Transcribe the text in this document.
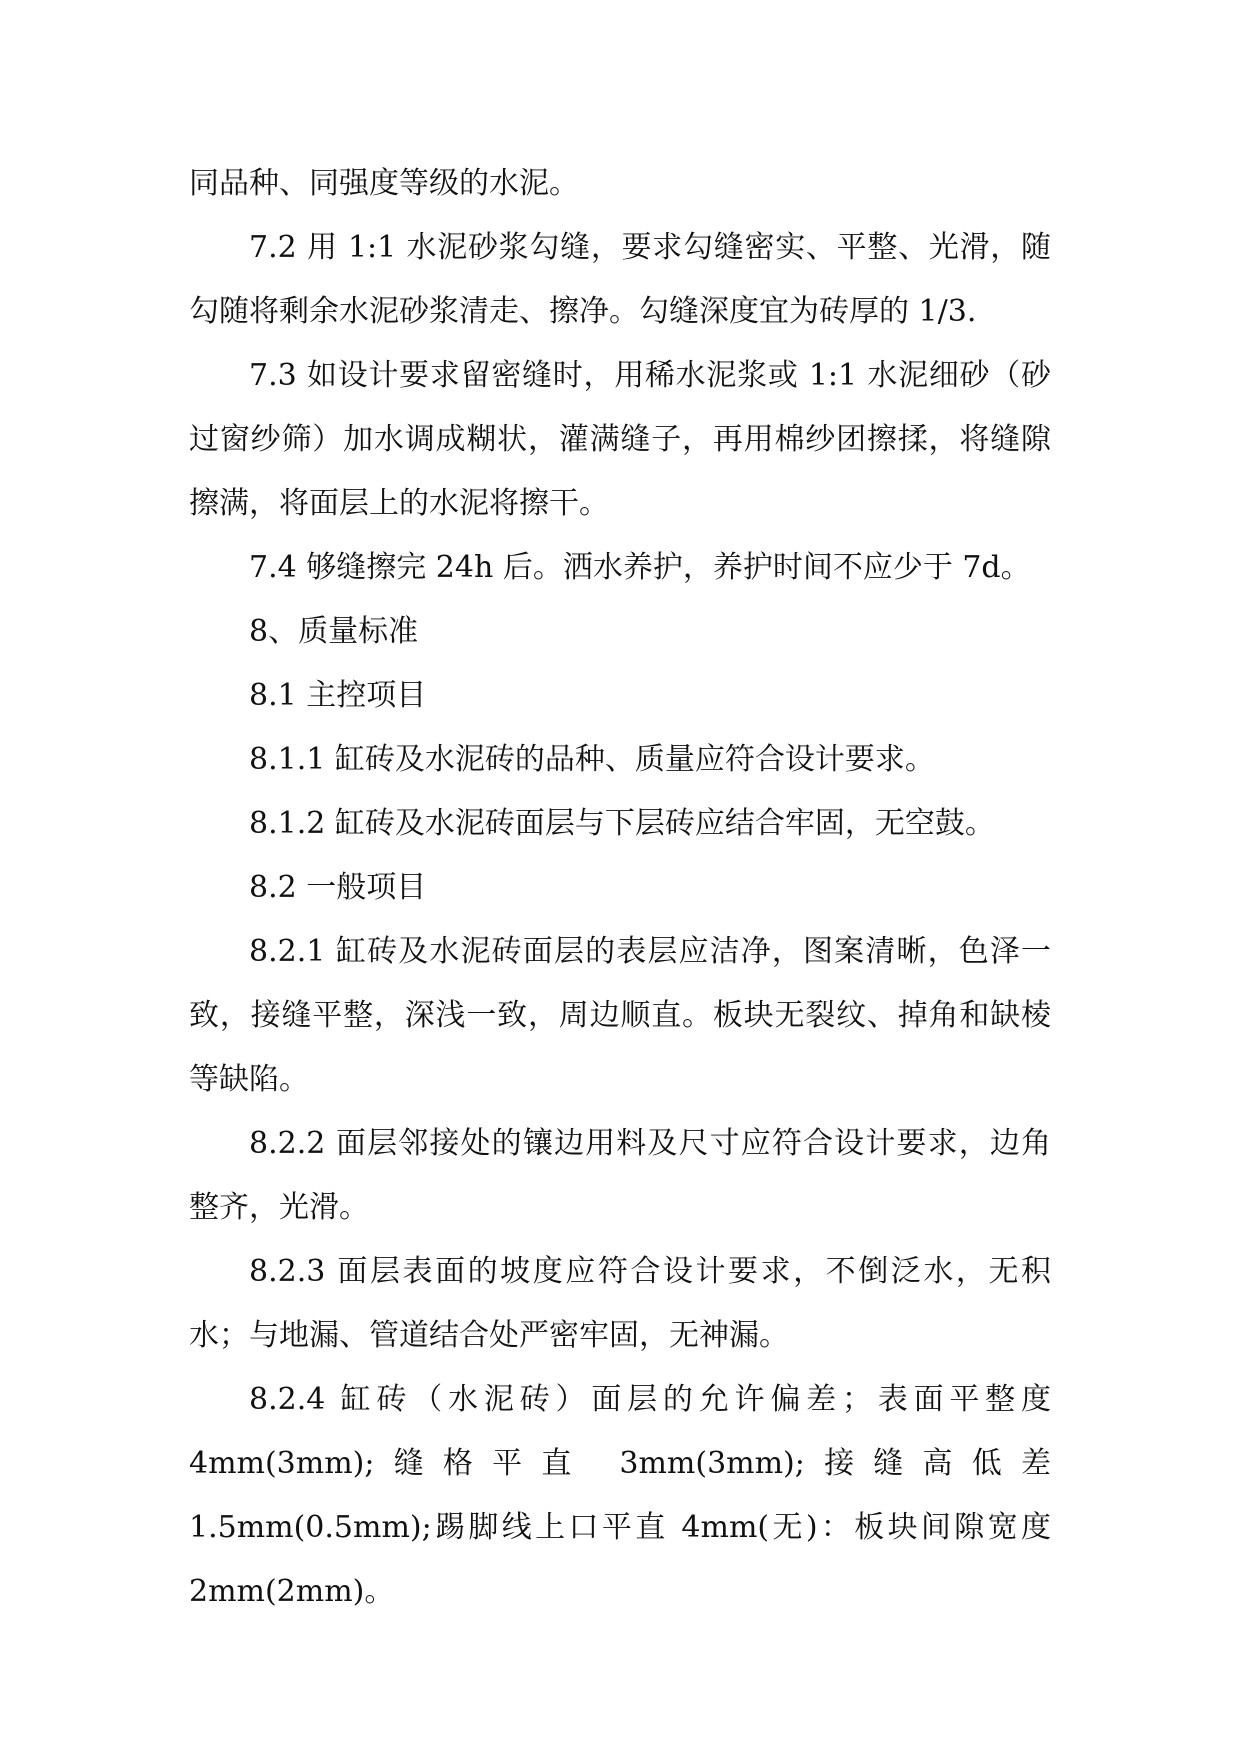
同品种、同强度等级的水泥。

7.2 用 1:1 水泥砂浆勾缝，要求勾缝密实、平整、光滑，随勾随将剩余水泥砂浆清走、擦净。勾缝深度宜为砖厚的 1/3.

7.3 如设计要求留密缝时，用稀水泥浆或 1:1 水泥细砂（砂过窗纱筛）加水调成糊状，灌满缝子，再用棉纱团擦揉，将缝隙擦满，将面层上的水泥将擦干。

7.4 够缝擦完 24h 后。洒水养护，养护时间不应少于 7d。

8、质量标准

8.1 主控项目

8.1.1 缸砖及水泥砖的品种、质量应符合设计要求。

8.1.2 缸砖及水泥砖面层与下层砖应结合牢固，无空鼓。

8.2 一般项目

8.2.1 缸砖及水泥砖面层的表层应洁净，图案清晰，色泽一致，接缝平整，深浅一致，周边顺直。板块无裂纹、掉角和缺棱等缺陷。

8.2.2 面层邻接处的镶边用料及尺寸应符合设计要求，边角整齐，光滑。

8.2.3 面层表面的坡度应符合设计要求，不倒泛水，无积水；与地漏、管道结合处严密牢固，无神漏。

8.2.4 缸砖（水泥砖）面层的允许偏差；表面平整度 4mm(3mm);缝格平直 3mm(3mm);接缝高低差 1.5mm(0.5mm);踢脚线上口平直 4mm(无)：板块间隙宽度 2mm(2mm)。
